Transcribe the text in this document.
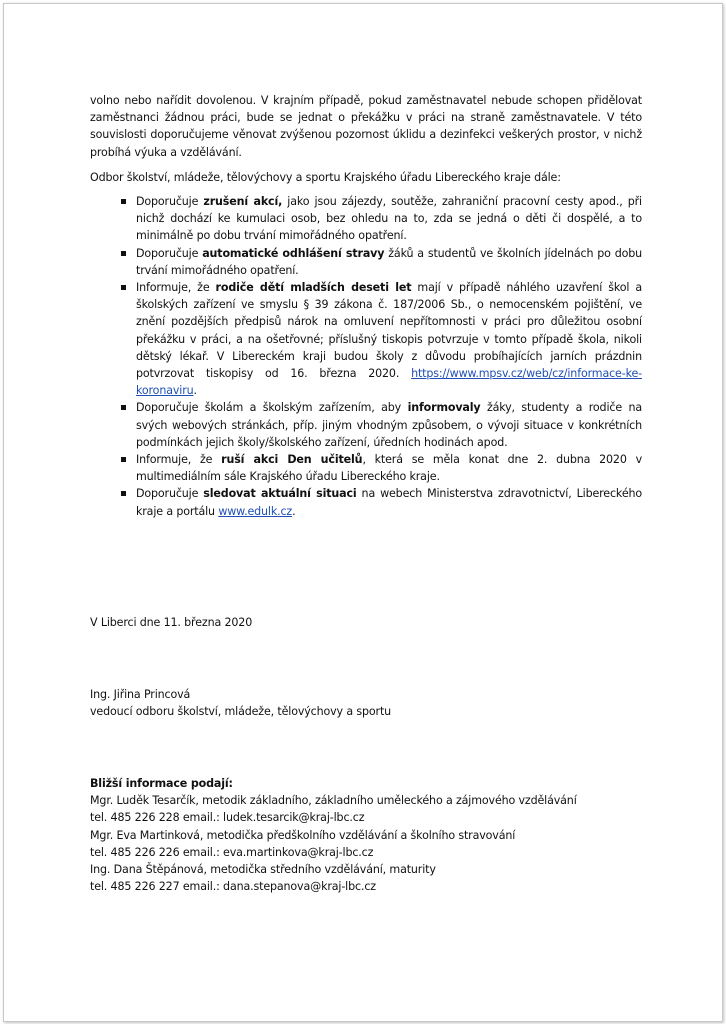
volno nebo nařídit dovolenou. V krajním případě, pokud zaměstnavatel nebude schopen přidělovat zaměstnanci žádnou práci, bude se jednat o překážku v práci na straně zaměstnavatele. V této souvislosti doporučujeme věnovat zvýšenou pozornost úklidu a dezinfekci veškerých prostor, v nichž probíhá výuka a vzdělávání.

Odbor školství, mládeže, tělovýchovy a sportu Krajského úřadu Libereckého kraje dále:

Doporučuje zrušení akcí, jako jsou zájezdy, soutěže, zahraniční pracovní cesty apod., při nichž dochází ke kumulaci osob, bez ohledu na to, zda se jedná o děti či dospělé, a to minimálně po dobu trvání mimořádného opatření.
Doporučuje automatické odhlášení stravy žáků a studentů ve školních jídelnách po dobu trvání mimořádného opatření.
Informuje, že rodiče dětí mladších deseti let mají v případě náhlého uzavření škol a školských zařízení ve smyslu § 39 zákona č. 187/2006 Sb., o nemocenském pojištění, ve znění pozdějších předpisů nárok na omluvení nepřítomnosti v práci pro důležitou osobní překážku v práci, a na ošetřovné; příslušný tiskopis potvrzuje v tomto případě škola, nikoli dětský lékař. V Libereckém kraji budou školy z důvodu probíhajících jarních prázdnin potvrzovat tiskopisy od 16. března 2020. https://www.mpsv.cz/web/cz/informace-ke-koronaviru.
Doporučuje školám a školským zařízením, aby informovaly žáky, studenty a rodiče na svých webových stránkách, příp. jiným vhodným způsobem, o vývoji situace v konkrétních podmínkách jejich školy/školského zařízení, úředních hodinách apod.
Informuje, že ruší akci Den učitelů, která se měla konat dne 2. dubna 2020 v multimediálním sále Krajského úřadu Libereckého kraje.
Doporučuje sledovat aktuální situaci na webech Ministerstva zdravotnictví, Libereckého kraje a portálu www.edulk.cz.
V Liberci dne 11. března 2020
Ing. Jiřina Princová
vedoucí odboru školství, mládeže, tělovýchovy a sportu
Bližší informace podají:
Mgr. Luděk Tesarčík, metodik základního, základního uměleckého a zájmového vzdělávání
tel. 485 226 228 email.: ludek.tesarcik@kraj-lbc.cz
Mgr. Eva Martinková, metodička předškolního vzdělávání a školního stravování
tel. 485 226 226 email.: eva.martinkova@kraj-lbc.cz
Ing. Dana Štěpánová, metodička středního vzdělávání, maturity
tel. 485 226 227 email.: dana.stepanova@kraj-lbc.cz
